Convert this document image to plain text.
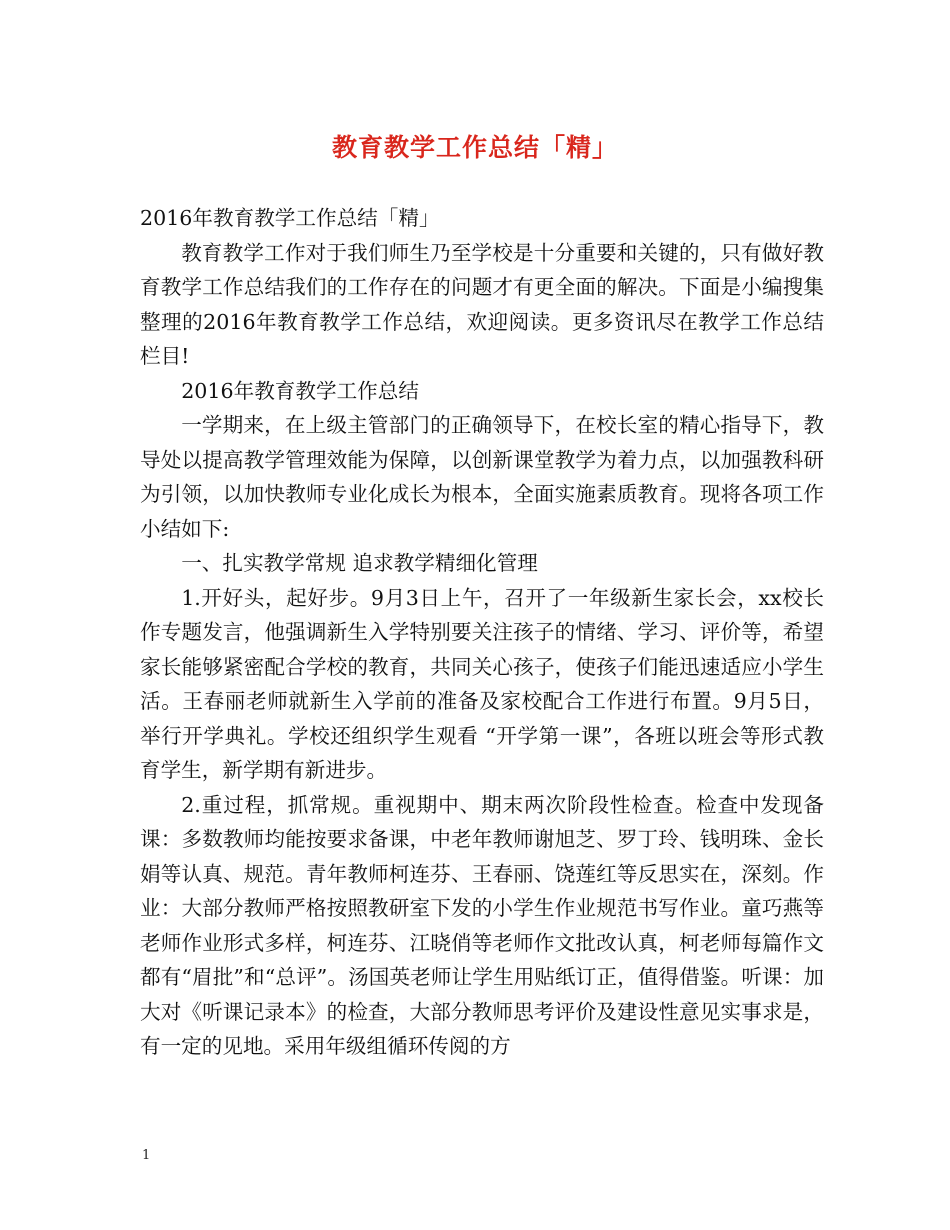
教育教学工作总结「精」

2016年教育教学工作总结「精」

教育教学工作对于我们师生乃至学校是十分重要和关键的，只有做好教育教学工作总结我们的工作存在的问题才有更全面的解决。下面是小编搜集整理的2016年教育教学工作总结，欢迎阅读。更多资讯尽在教学工作总结栏目!

2016年教育教学工作总结

一学期来，在上级主管部门的正确领导下，在校长室的精心指导下，教导处以提高教学管理效能为保障，以创新课堂教学为着力点，以加强教科研为引领，以加快教师专业化成长为根本，全面实施素质教育。现将各项工作小结如下:

一、扎实教学常规 追求教学精细化管理

1.开好头，起好步。9月3日上午，召开了一年级新生家长会，xx校长作专题发言，他强调新生入学特别要关注孩子的情绪、学习、评价等，希望家长能够紧密配合学校的教育，共同关心孩子，使孩子们能迅速适应小学生活。王春丽老师就新生入学前的准备及家校配合工作进行布置。9月5日，举行开学典礼。学校还组织学生观看 “开学第一课”，各班以班会等形式教育学生，新学期有新进步。

2.重过程，抓常规。重视期中、期末两次阶段性检查。检查中发现备课：多数教师均能按要求备课，中老年教师谢旭芝、罗丁玲、钱明珠、金长娟等认真、规范。青年教师柯连芬、王春丽、饶莲红等反思实在，深刻。作业：大部分教师严格按照教研室下发的小学生作业规范书写作业。童巧燕等老师作业形式多样，柯连芬、江晓俏等老师作文批改认真，柯老师每篇作文都有“眉批”和“总评”。汤国英老师让学生用贴纸订正，值得借鉴。听课：加大对《听课记录本》的检查，大部分教师思考评价及建设性意见实事求是，有一定的见地。采用年级组循环传阅的方

1
